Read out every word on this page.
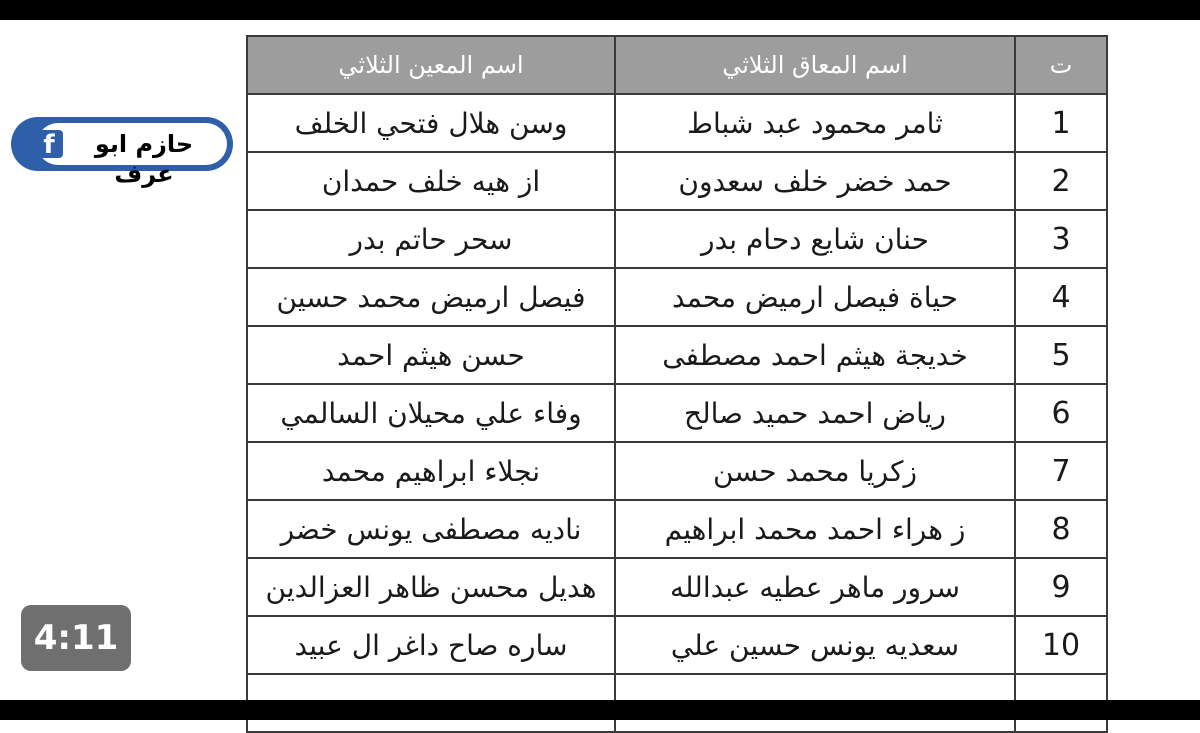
اسم المعين الثلاثي	اسم المعاق الثلاثي	ت
وسن هلال فتحي الخلف	ثامر محمود عبد شباط	1
از هيه خلف حمدان	حمد خضر خلف سعدون	2
سحر حاتم بدر	حنان شايع دحام بدر	3
فيصل ارميض محمد حسين	حياة فيصل ارميض محمد	4
حسن هيثم احمد	خديجة هيثم احمد مصطفى	5
وفاء علي محيلان السالمي	رياض احمد حميد صالح	6
نجلاء ابراهيم محمد	زكريا محمد حسن	7
ناديه مصطفى يونس خضر	ز هراء احمد محمد ابراهيم	8
هديل محسن ظاهر العزالدين	سرور ماهر عطيه عبدالله	9
ساره صاح داغر ال عبيد	سعديه يونس حسين علي	10

حازم ابو عرف
f
4:11
